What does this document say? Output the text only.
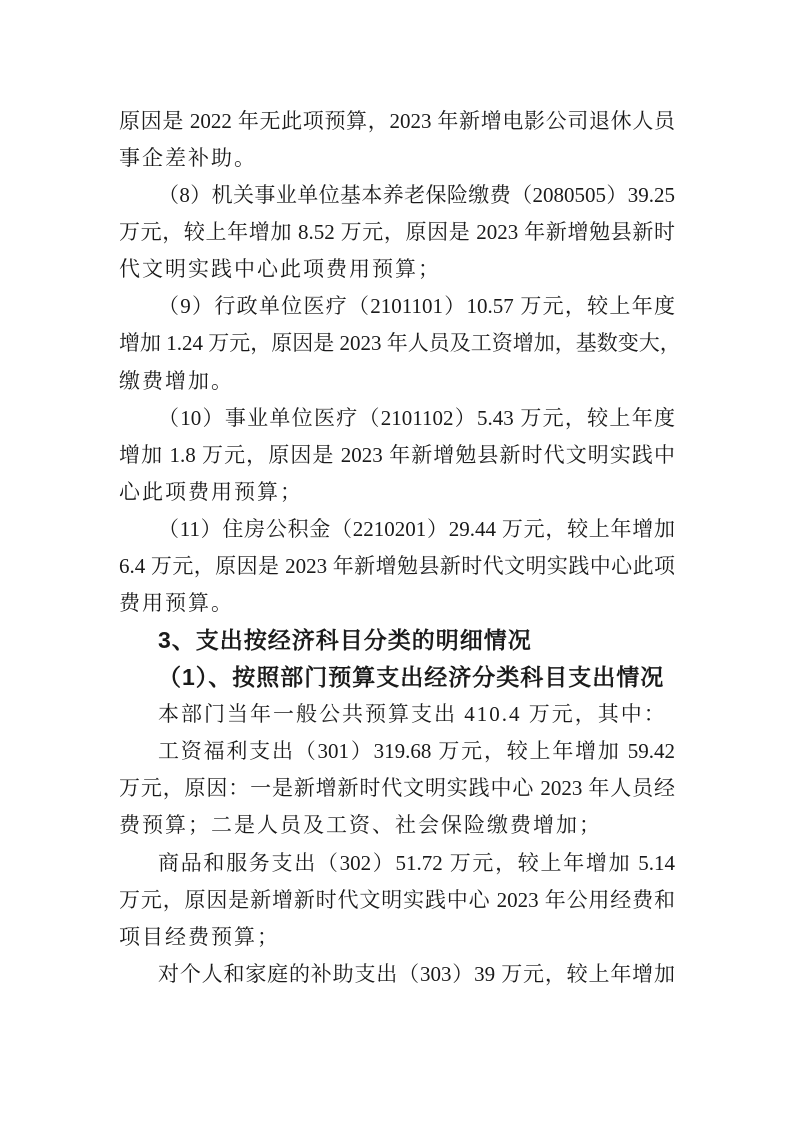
原因是 2022 年无此项预算，2023 年新增电影公司退休人员
事企差补助。
（8）机关事业单位基本养老保险缴费（2080505）39.25
万元，较上年增加 8.52 万元，原因是 2023 年新增勉县新时
代文明实践中心此项费用预算；
（9）行政单位医疗（2101101）10.57 万元，较上年度
增加 1.24 万元，原因是 2023 年人员及工资增加，基数变大，
缴费增加。
（10）事业单位医疗（2101102）5.43 万元，较上年度
增加 1.8 万元，原因是 2023 年新增勉县新时代文明实践中
心此项费用预算；
（11）住房公积金（2210201）29.44 万元，较上年增加
6.4 万元，原因是 2023 年新增勉县新时代文明实践中心此项
费用预算。
3、支出按经济科目分类的明细情况
（1）、按照部门预算支出经济分类科目支出情况
本部门当年一般公共预算支出 410.4 万元，其中：
工资福利支出（301）319.68 万元，较上年增加 59.42
万元，原因：一是新增新时代文明实践中心 2023 年人员经
费预算；二是人员及工资、社会保险缴费增加；
商品和服务支出（302）51.72 万元，较上年增加 5.14
万元，原因是新增新时代文明实践中心 2023 年公用经费和
项目经费预算；
对个人和家庭的补助支出（303）39 万元，较上年增加
